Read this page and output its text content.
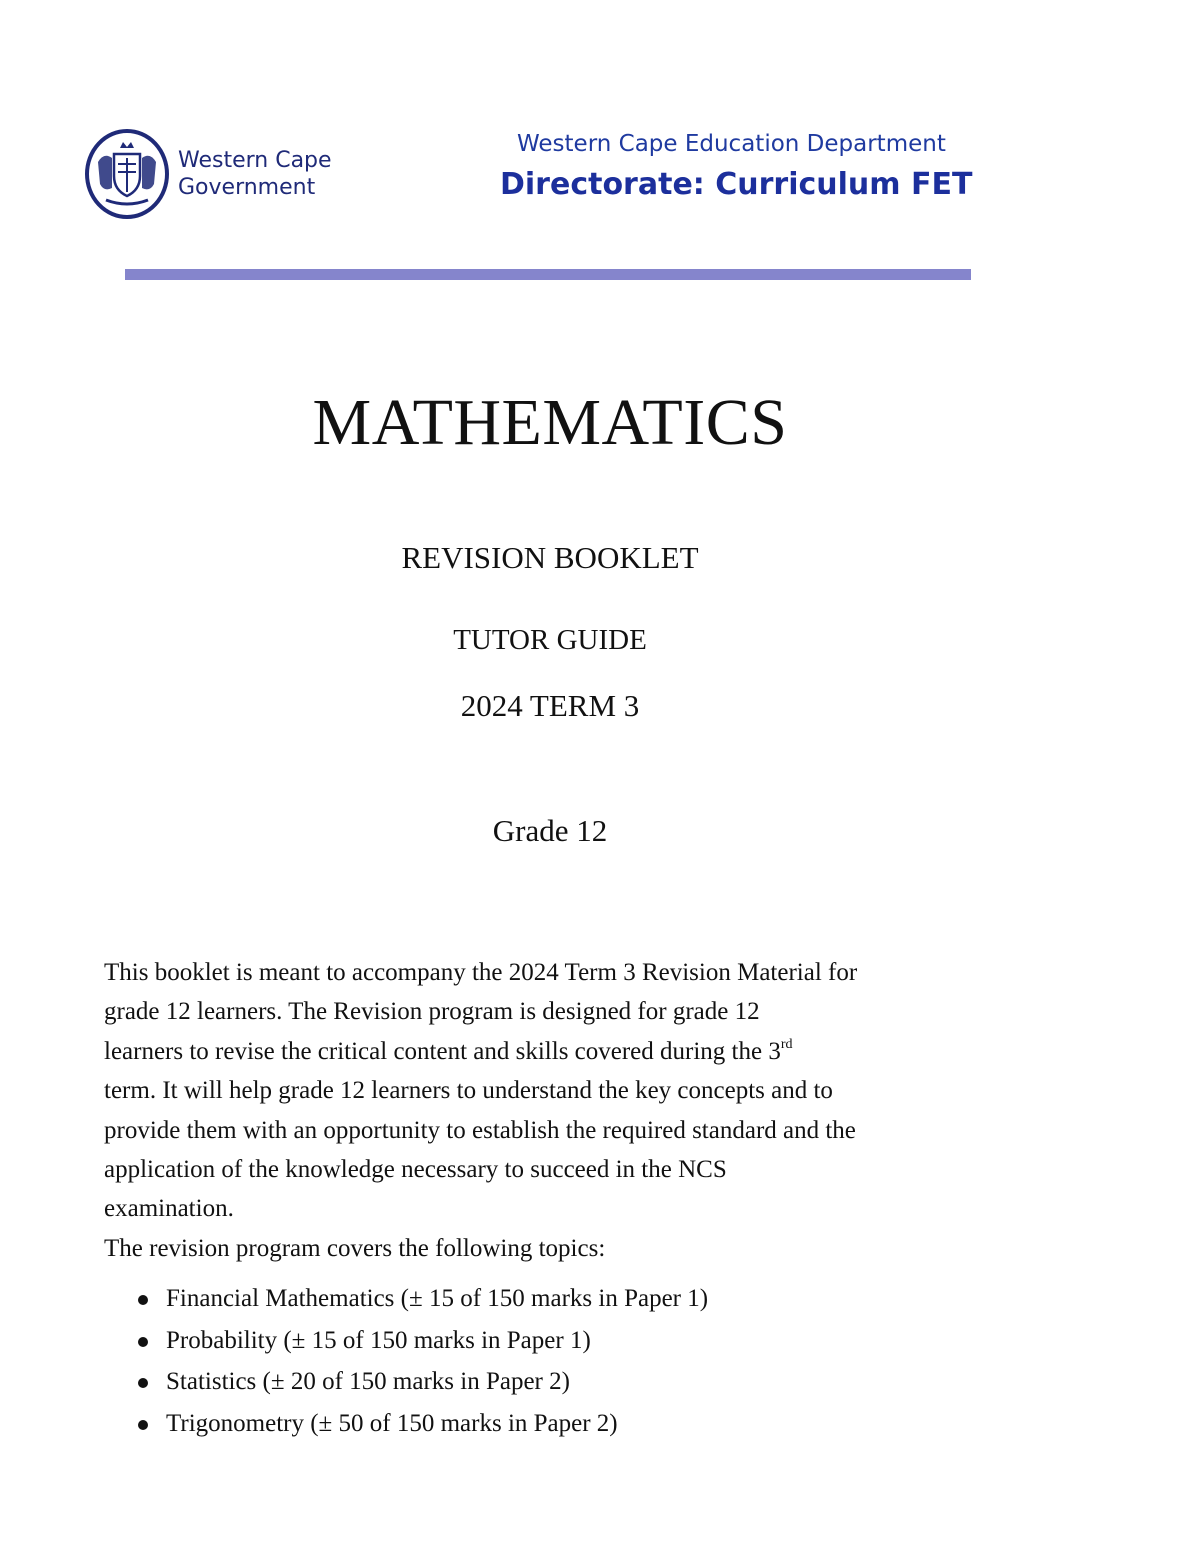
Western Cape
Government
Western Cape Education Department
Directorate: Curriculum FET
MATHEMATICS
REVISION BOOKLET
TUTOR GUIDE
2024 TERM 3
Grade 12

This booklet is meant to accompany the 2024 Term 3 Revision Material for

grade 12 learners. The Revision program is designed for grade 12

learners to revise the critical content and skills covered during the 3rd

term. It will help grade 12 learners to understand the key concepts and to

provide them with an opportunity to establish the required standard and the

application of the knowledge necessary to succeed in the NCS

examination.

The revision program covers the following topics:

Financial Mathematics (± 15 of 150 marks in Paper 1)
Probability (± 15 of 150 marks in Paper 1)
Statistics (± 20 of 150 marks in Paper 2)
Trigonometry (± 50 of 150 marks in Paper 2)
